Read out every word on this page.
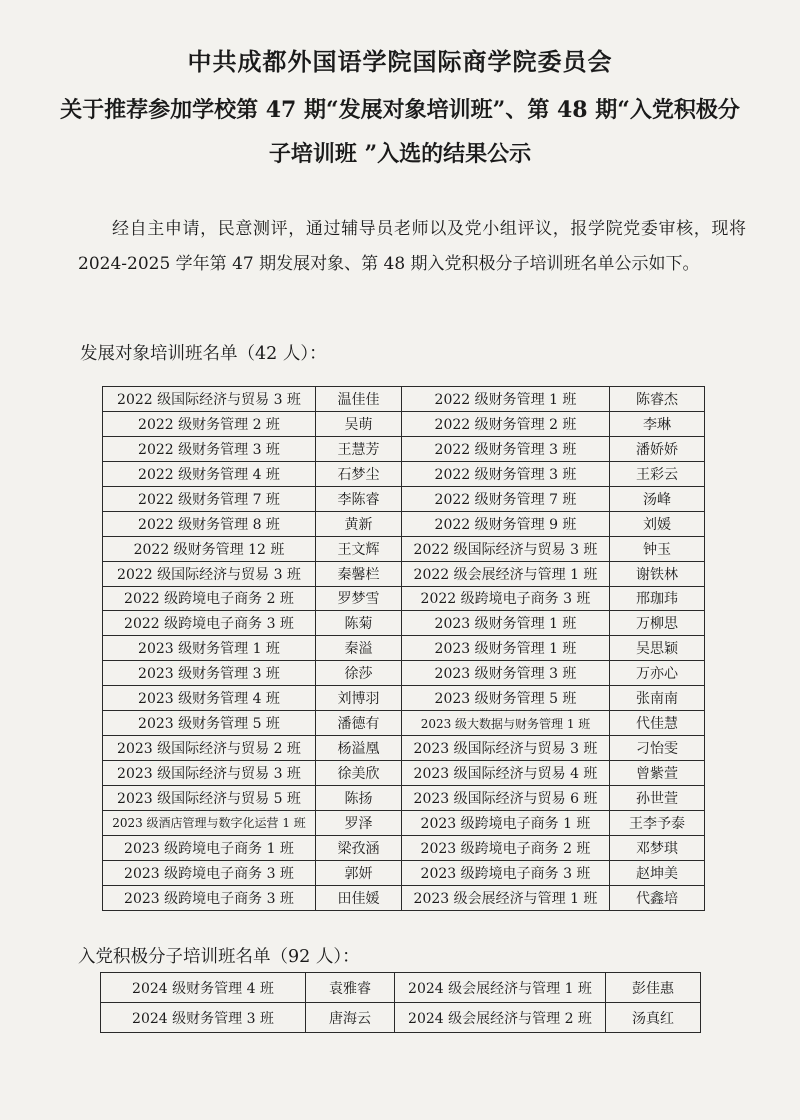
中共成都外国语学院国际商学院委员会
关于推荐参加学校第 47 期“发展对象培训班”、第 48 期“入党积极分子培训班 ”入选的结果公示
经自主申请，民意测评，通过辅导员老师以及党小组评议，报学院党委审核，现将 2024-2025 学年第 47 期发展对象、第 48 期入党积极分子培训班名单公示如下。
发展对象培训班名单（42 人）：
2022 级国际经济与贸易 3 班	温佳佳	2022 级财务管理 1 班	陈睿杰
2022 级财务管理 2 班	吴萌	2022 级财务管理 2 班	李琳
2022 级财务管理 3 班	王慧芳	2022 级财务管理 3 班	潘娇娇
2022 级财务管理 4 班	石梦尘	2022 级财务管理 3 班	王彩云
2022 级财务管理 7 班	李陈睿	2022 级财务管理 7 班	汤峰
2022 级财务管理 8 班	黄新	2022 级财务管理 9 班	刘媛
2022 级财务管理 12 班	王文辉	2022 级国际经济与贸易 3 班	钟玉
2022 级国际经济与贸易 3 班	秦馨栏	2022 级会展经济与管理 1 班	谢铁林
2022 级跨境电子商务 2 班	罗梦雪	2022 级跨境电子商务 3 班	邢珈玮
2022 级跨境电子商务 3 班	陈菊	2023 级财务管理 1 班	万柳思
2023 级财务管理 1 班	秦溢	2023 级财务管理 1 班	吴思颖
2023 级财务管理 3 班	徐莎	2023 级财务管理 3 班	万亦心
2023 级财务管理 4 班	刘博羽	2023 级财务管理 5 班	张南南
2023 级财务管理 5 班	潘德有	2023 级大数据与财务管理 1 班	代佳慧
2023 级国际经济与贸易 2 班	杨溢凰	2023 级国际经济与贸易 3 班	刁怡雯
2023 级国际经济与贸易 3 班	徐美欣	2023 级国际经济与贸易 4 班	曾紫萱
2023 级国际经济与贸易 5 班	陈扬	2023 级国际经济与贸易 6 班	孙世萱
2023 级酒店管理与数字化运营 1 班	罗泽	2023 级跨境电子商务 1 班	王李予泰
2023 级跨境电子商务 1 班	梁孜涵	2023 级跨境电子商务 2 班	邓梦琪
2023 级跨境电子商务 3 班	郭妍	2023 级跨境电子商务 3 班	赵坤美
2023 级跨境电子商务 3 班	田佳媛	2023 级会展经济与管理 1 班	代鑫培
入党积极分子培训班名单（92 人）：
2024 级财务管理 4 班	袁雅睿	2024 级会展经济与管理 1 班	彭佳惠
2024 级财务管理 3 班	唐海云	2024 级会展经济与管理 2 班	汤真红
